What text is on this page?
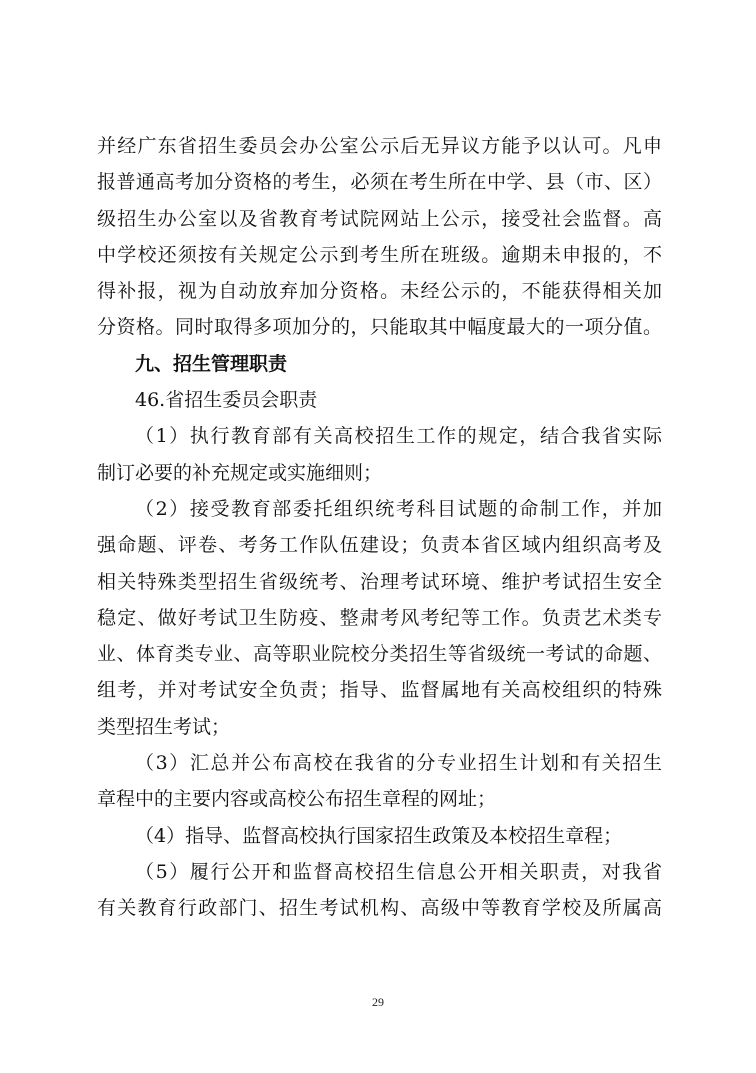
并经广东省招生委员会办公室公示后无异议方能予以认可。凡申
报普通高考加分资格的考生，必须在考生所在中学、县（市、区）
级招生办公室以及省教育考试院网站上公示，接受社会监督。高
中学校还须按有关规定公示到考生所在班级。逾期未申报的，不
得补报，视为自动放弃加分资格。未经公示的，不能获得相关加
分资格。同时取得多项加分的，只能取其中幅度最大的一项分值。
九、招生管理职责
46.省招生委员会职责
（1）执行教育部有关高校招生工作的规定，结合我省实际
制订必要的补充规定或实施细则；
（2）接受教育部委托组织统考科目试题的命制工作，并加
强命题、评卷、考务工作队伍建设；负责本省区域内组织高考及
相关特殊类型招生省级统考、治理考试环境、维护考试招生安全
稳定、做好考试卫生防疫、整肃考风考纪等工作。负责艺术类专
业、体育类专业、高等职业院校分类招生等省级统一考试的命题、
组考，并对考试安全负责；指导、监督属地有关高校组织的特殊
类型招生考试；
（3）汇总并公布高校在我省的分专业招生计划和有关招生
章程中的主要内容或高校公布招生章程的网址；
（4）指导、监督高校执行国家招生政策及本校招生章程；
（5）履行公开和监督高校招生信息公开相关职责，对我省
有关教育行政部门、招生考试机构、高级中等教育学校及所属高
29
